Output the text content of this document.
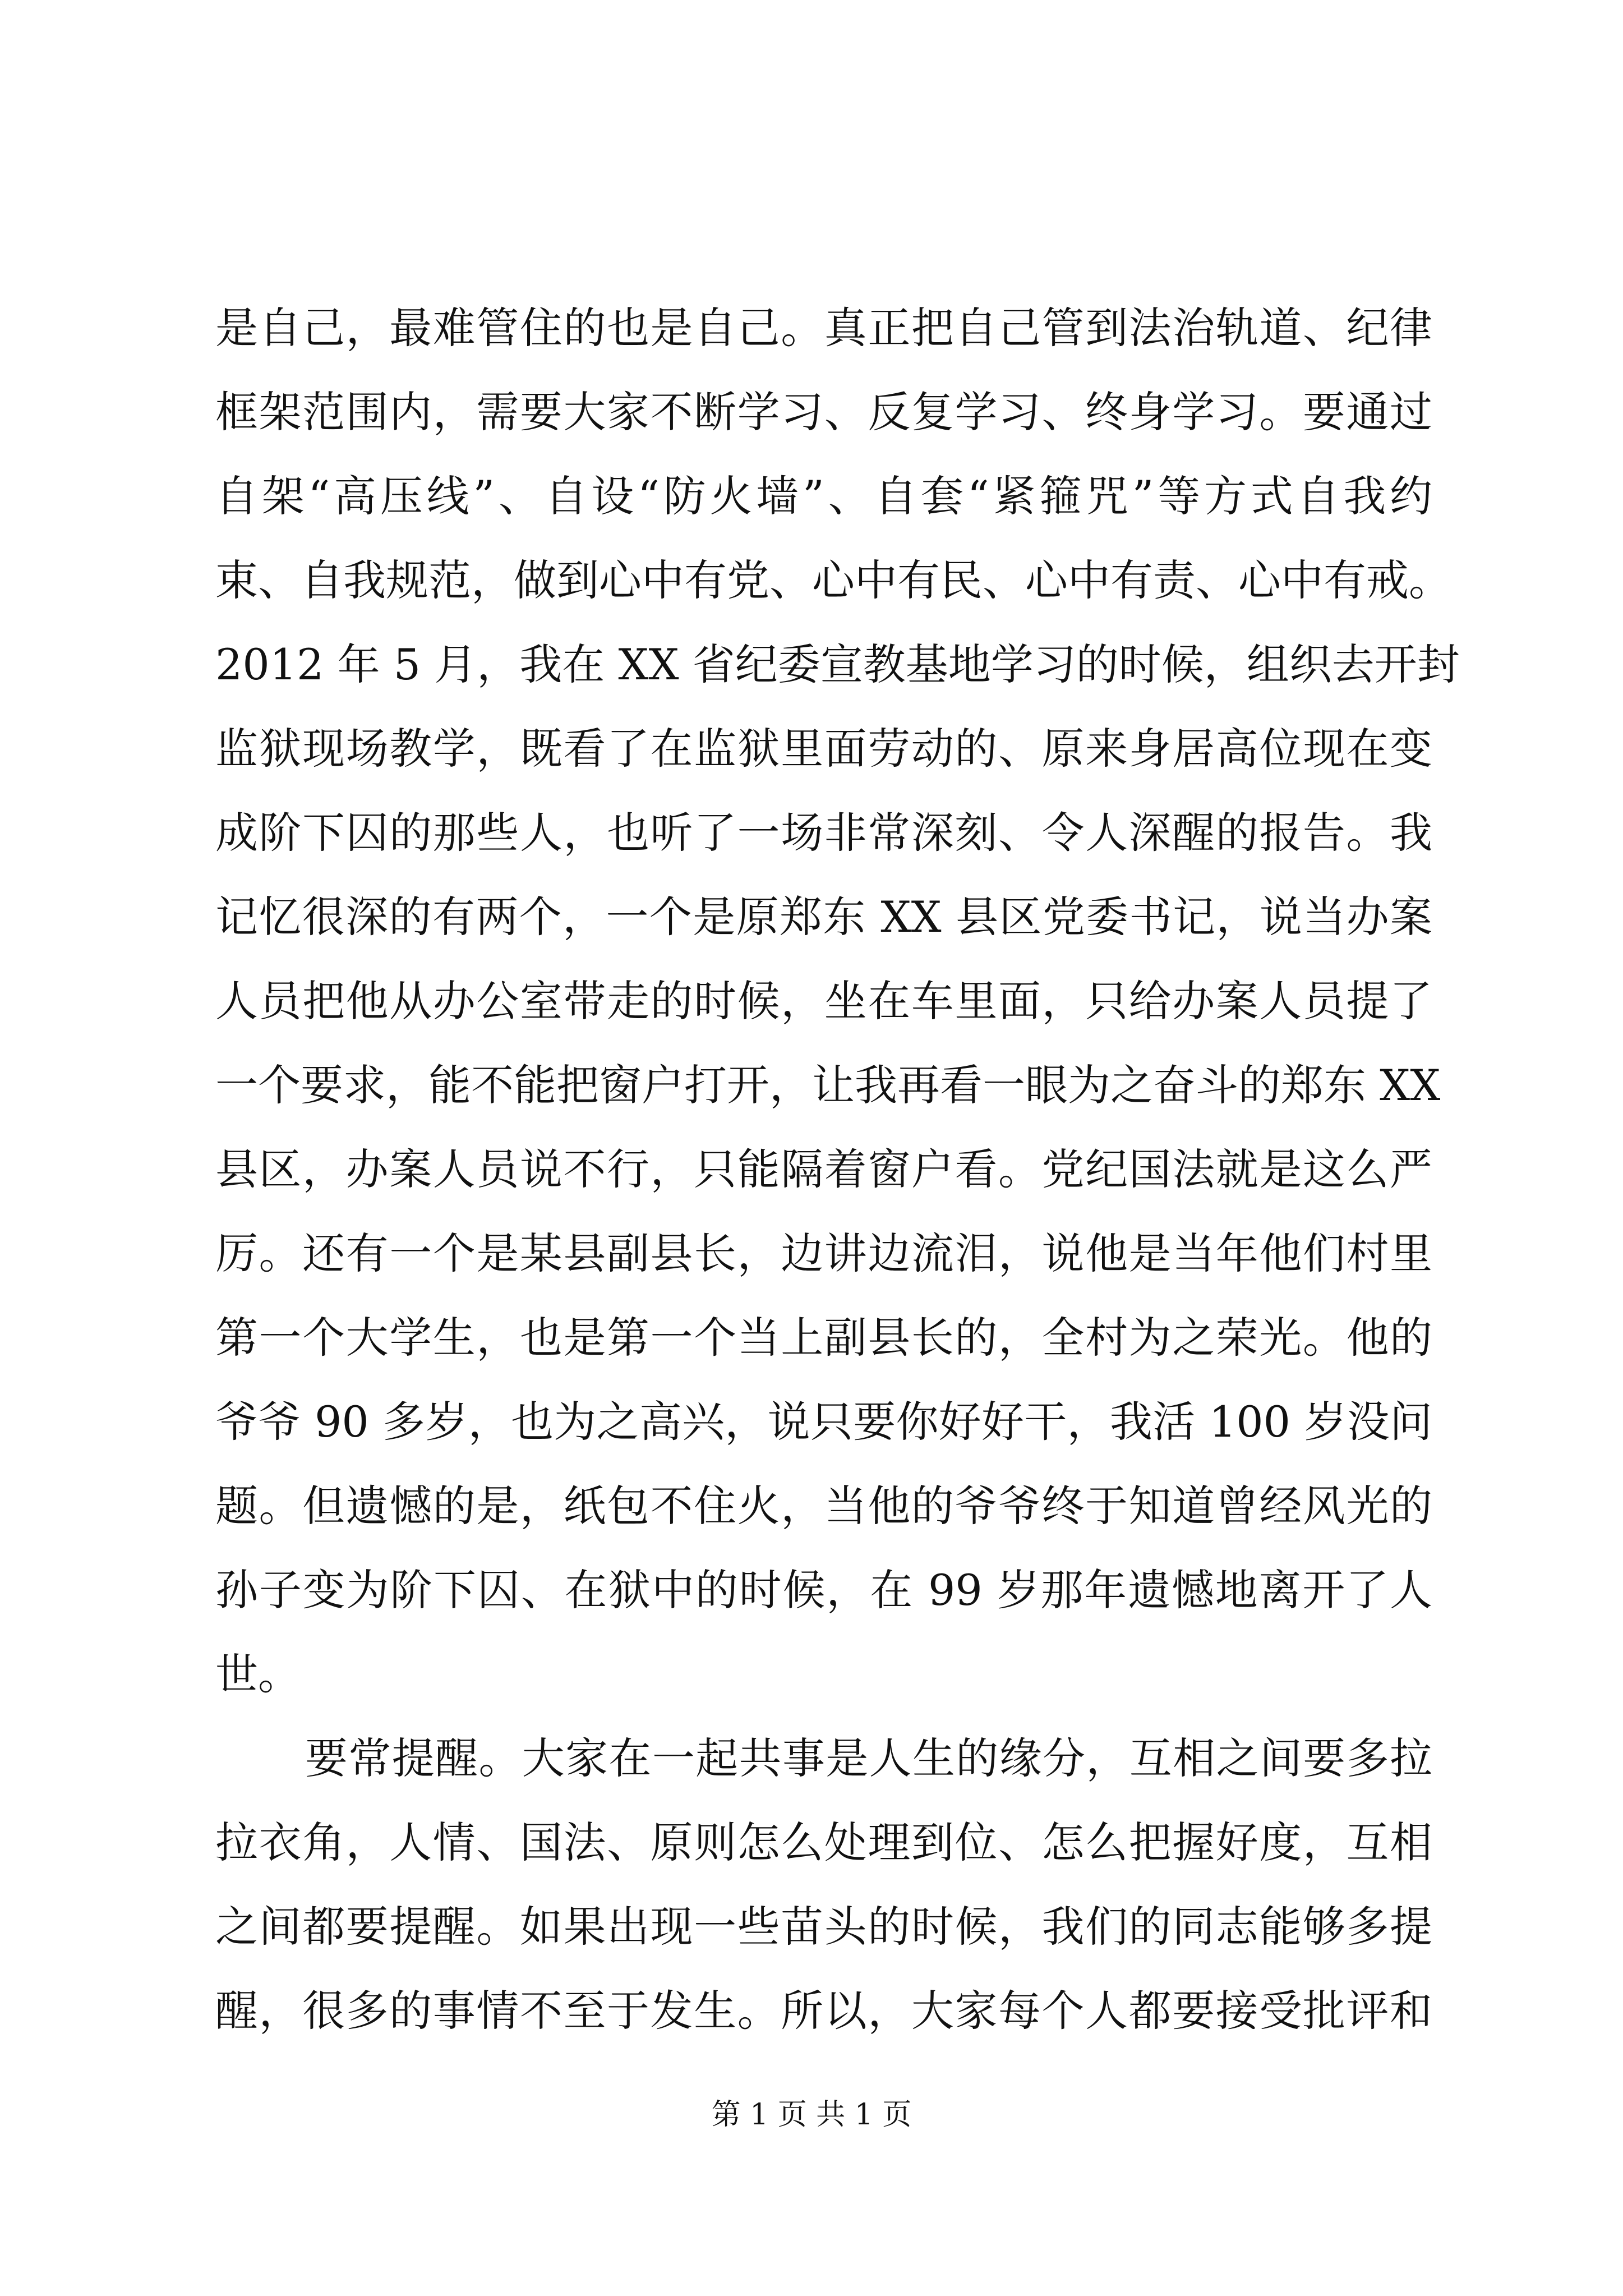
是自己，最难管住的也是自己。真正把自己管到法治轨道、纪律
框架范围内，需要大家不断学习、反复学习、终身学习。要通过
自架“高压线”、自设“防火墙”、自套“紧箍咒”等方式自我约
束、自我规范，做到心中有党、心中有民、心中有责、心中有戒。
2012 年 5 月，我在 XX 省纪委宣教基地学习的时候，组织去开封
监狱现场教学，既看了在监狱里面劳动的、原来身居高位现在变
成阶下囚的那些人，也听了一场非常深刻、令人深醒的报告。我
记忆很深的有两个，一个是原郑东 XX 县区党委书记，说当办案
人员把他从办公室带走的时候，坐在车里面，只给办案人员提了
一个要求，能不能把窗户打开，让我再看一眼为之奋斗的郑东 XX
县区，办案人员说不行，只能隔着窗户看。党纪国法就是这么严
厉。还有一个是某县副县长，边讲边流泪，说他是当年他们村里
第一个大学生，也是第一个当上副县长的，全村为之荣光。他的
爷爷 90 多岁，也为之高兴，说只要你好好干，我活 100 岁没问
题。但遗憾的是，纸包不住火，当他的爷爷终于知道曾经风光的
孙子变为阶下囚、在狱中的时候，在 99 岁那年遗憾地离开了人
世。
要常提醒。大家在一起共事是人生的缘分，互相之间要多拉
拉衣角，人情、国法、原则怎么处理到位、怎么把握好度，互相
之间都要提醒。如果出现一些苗头的时候，我们的同志能够多提
醒，很多的事情不至于发生。所以，大家每个人都要接受批评和
第 1 页 共 1 页
